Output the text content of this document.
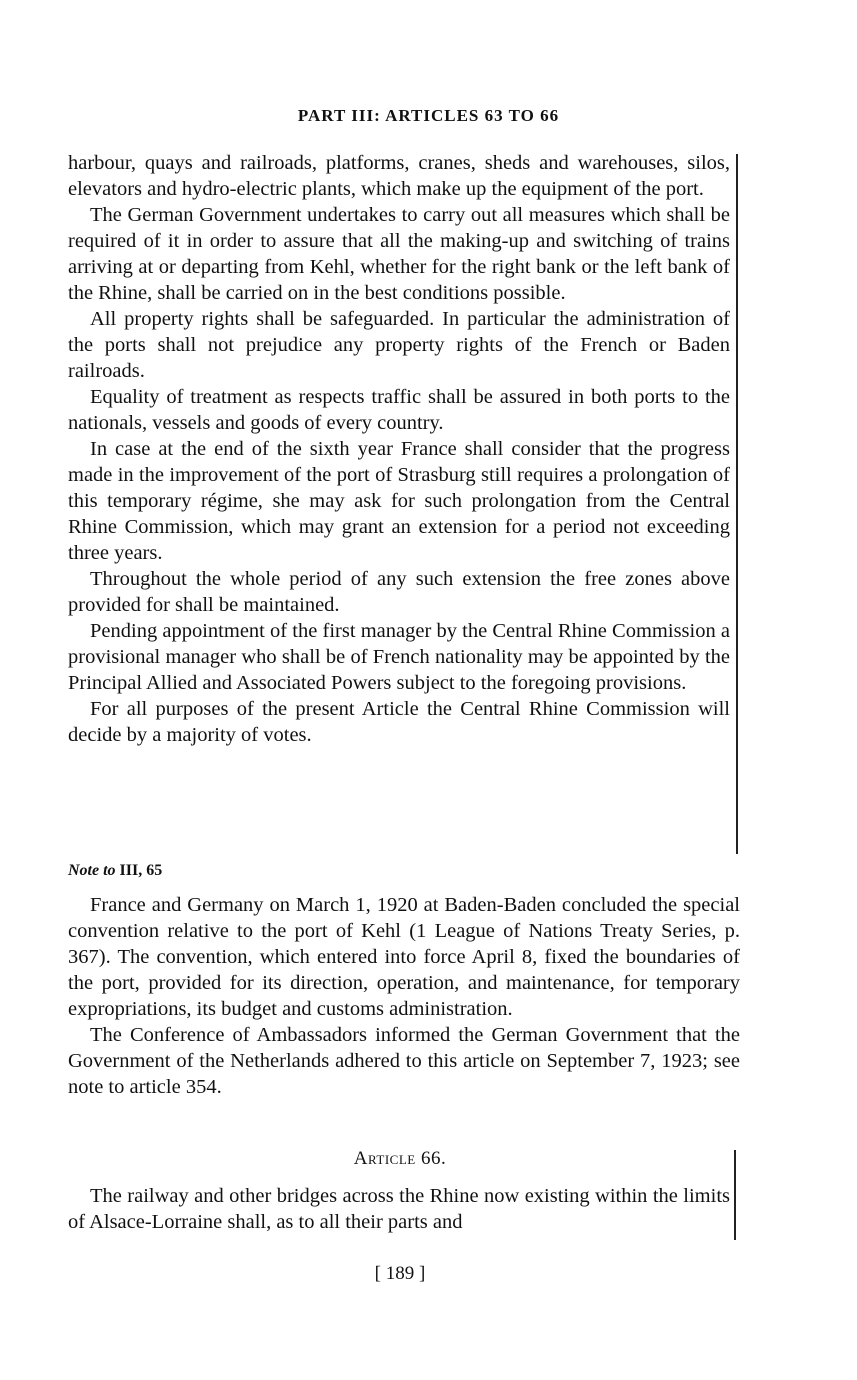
PART III: ARTICLES 63 TO 66

harbour, quays and railroads, platforms, cranes, sheds and warehouses, silos, elevators and hydro-electric plants, which make up the equipment of the port.

The German Government undertakes to carry out all measures which shall be required of it in order to assure that all the making-up and switching of trains arriving at or departing from Kehl, whether for the right bank or the left bank of the Rhine, shall be carried on in the best conditions possible.

All property rights shall be safeguarded. In particular the administration of the ports shall not prejudice any property rights of the French or Baden railroads.

Equality of treatment as respects traffic shall be assured in both ports to the nationals, vessels and goods of every country.

In case at the end of the sixth year France shall consider that the progress made in the improvement of the port of Strasburg still requires a prolongation of this temporary régime, she may ask for such prolongation from the Central Rhine Commission, which may grant an extension for a period not exceeding three years.

Throughout the whole period of any such extension the free zones above provided for shall be maintained.

Pending appointment of the first manager by the Central Rhine Commission a provisional manager who shall be of French nationality may be appointed by the Principal Allied and Associated Powers subject to the foregoing provisions.

For all purposes of the present Article the Central Rhine Commission will decide by a majority of votes.

Note to III, 65

France and Germany on March 1, 1920 at Baden-Baden concluded the special convention relative to the port of Kehl (1 League of Nations Treaty Series, p. 367). The convention, which entered into force April 8, fixed the boundaries of the port, provided for its direction, operation, and maintenance, for temporary expropriations, its budget and customs administration.

The Conference of Ambassadors informed the German Government that the Government of the Netherlands adhered to this article on September 7, 1923; see note to article 354.

Article 66.

The railway and other bridges across the Rhine now existing within the limits of Alsace-Lorraine shall, as to all their parts and

[ 189 ]
